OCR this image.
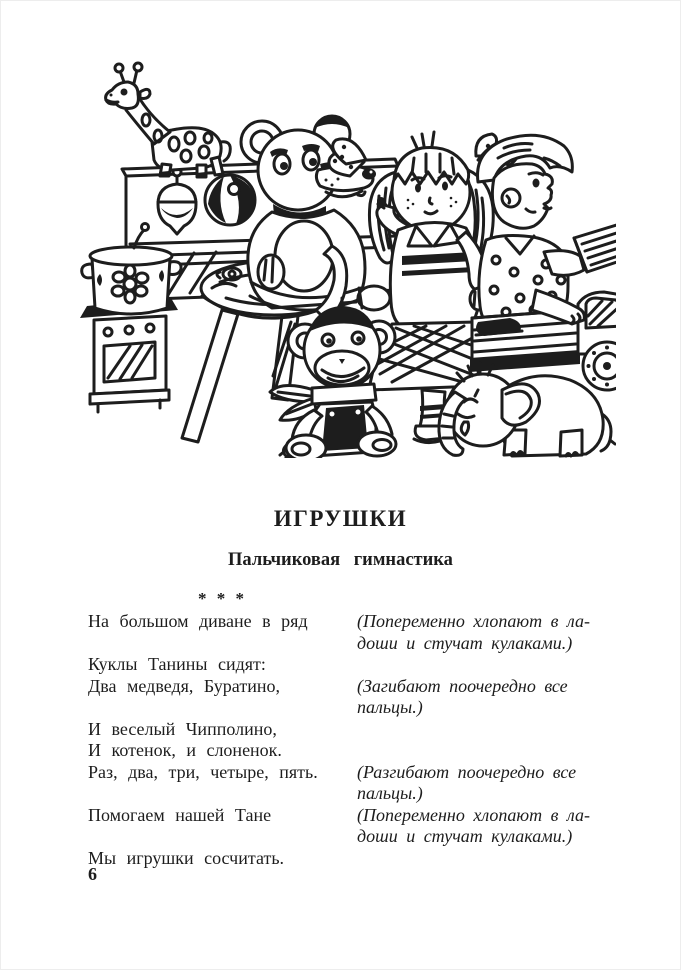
ИГРУШКИ
Пальчиковая гимнастика
* * *
На большом диване в ряд	(Попеременно хлопают в ла-
доши и стучат кулаками.)
Куклы Танины сидят:
Два медведя, Буратино,	(Загибают поочередно все
пальцы.)
И веселый Чипполино,
И котенок, и слоненок.
Раз, два, три, четыре, пять.	(Разгибают поочередно все
пальцы.)
Помогаем нашей Тане	(Попеременно хлопают в ла-
доши и стучат кулаками.)
Мы игрушки сосчитать.
6
